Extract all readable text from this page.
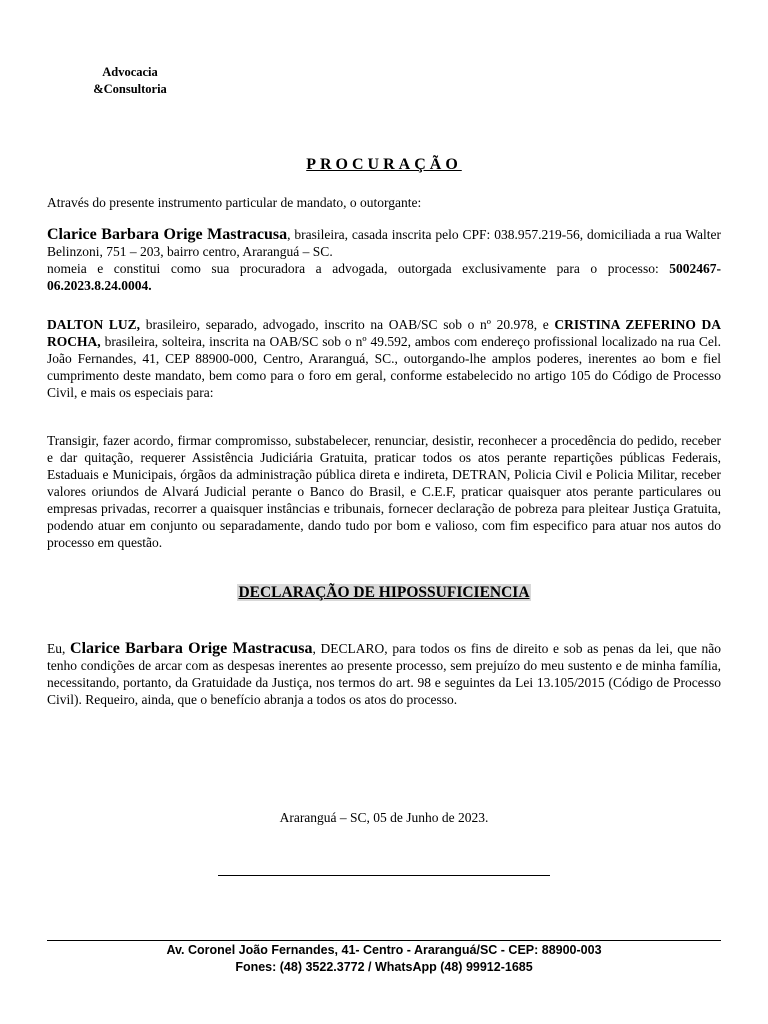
Advocacia
&Consultoria
PROCURAÇÃO
Através do presente instrumento particular de mandato, o outorgante:
Clarice Barbara Orige Mastracusa, brasileira, casada inscrita pelo CPF: 038.957.219-56, domiciliada a rua Walter Belinzoni, 751 – 203, bairro centro, Araranguá – SC.
nomeia e constitui como sua procuradora a advogada, outorgada exclusivamente para o processo: 5002467-06.2023.8.24.0004.
DALTON LUZ, brasileiro, separado, advogado, inscrito na OAB/SC sob o nº 20.978, e CRISTINA ZEFERINO DA ROCHA, brasileira, solteira, inscrita na OAB/SC sob o nº 49.592, ambos com endereço profissional localizado na rua Cel. João Fernandes, 41, CEP 88900-000, Centro, Araranguá, SC., outorgando-lhe amplos poderes, inerentes ao bom e fiel cumprimento deste mandato, bem como para o foro em geral, conforme estabelecido no artigo 105 do Código de Processo Civil, e mais os especiais para:
Transigir, fazer acordo, firmar compromisso, substabelecer, renunciar, desistir, reconhecer a procedência do pedido, receber e dar quitação, requerer Assistência Judiciária Gratuita, praticar todos os atos perante repartições públicas Federais, Estaduais e Municipais, órgãos da administração pública direta e indireta, DETRAN, Policia Civil e Policia Militar, receber valores oriundos de Alvará Judicial perante o Banco do Brasil, e C.E.F, praticar quaisquer atos perante particulares ou empresas privadas, recorrer a quaisquer instâncias e tribunais, fornecer declaração de pobreza para pleitear Justiça Gratuita, podendo atuar em conjunto ou separadamente, dando tudo por bom e valioso, com fim especifico para atuar nos autos do processo em questão.
DECLARAÇÃO DE HIPOSSUFICIENCIA
Eu, Clarice Barbara Orige Mastracusa, DECLARO, para todos os fins de direito e sob as penas da lei, que não tenho condições de arcar com as despesas inerentes ao presente processo, sem prejuízo do meu sustento e de minha família, necessitando, portanto, da Gratuidade da Justiça, nos termos do art. 98 e seguintes da Lei 13.105/2015 (Código de Processo Civil). Requeiro, ainda, que o benefício abranja a todos os atos do processo.
Araranguá – SC, 05 de Junho de 2023.
Av. Coronel João Fernandes, 41- Centro - Araranguá/SC - CEP: 88900-003
Fones: (48) 3522.3772 / WhatsApp (48) 99912-1685
